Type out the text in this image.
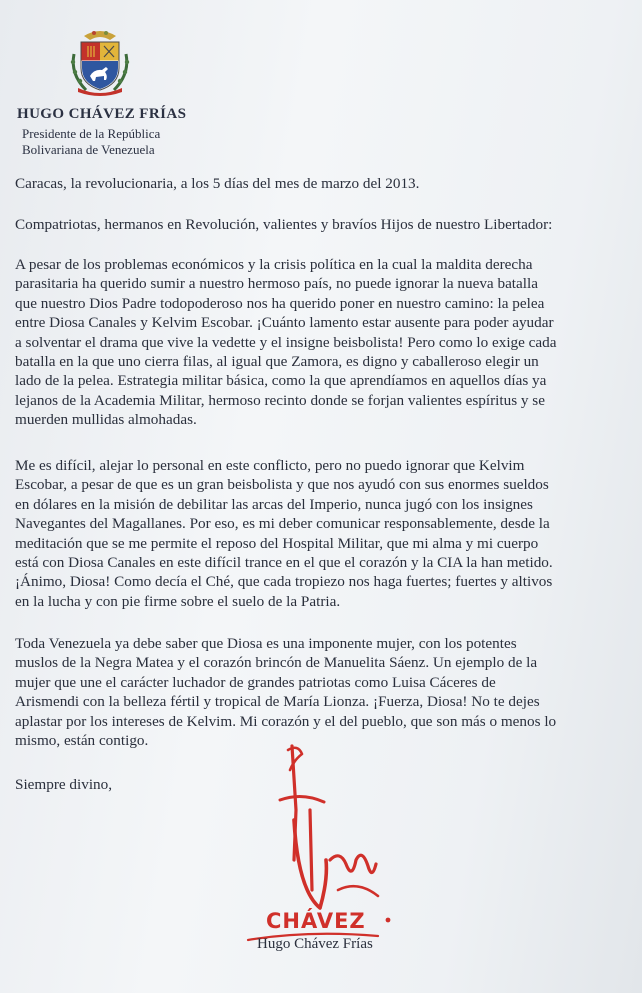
HUGO CHÁVEZ FRÍAS
Presidente de la República
Bolivariana de Venezuela
Caracas, la revolucionaria, a los 5 días del mes de marzo del 2013.
Compatriotas, hermanos en Revolución, valientes y bravíos Hijos de nuestro Libertador:
A pesar de los problemas económicos y la crisis política en la cual la maldita derecha
parasitaria ha querido sumir a nuestro hermoso país, no puede ignorar la nueva batalla
que nuestro Dios Padre todopoderoso nos ha querido poner en nuestro camino: la pelea
entre Diosa Canales y Kelvim Escobar. ¡Cuánto lamento estar ausente para poder ayudar
a solventar el drama que vive la vedette y el insigne beisbolista! Pero como lo exige cada
batalla en la que uno cierra filas, al igual que Zamora, es digno y caballeroso elegir un
lado de la pelea. Estrategia militar básica, como la que aprendíamos en aquellos días ya
lejanos de la Academia Militar, hermoso recinto donde se forjan valientes espíritus y se
muerden mullidas almohadas.
Me es difícil, alejar lo personal en este conflicto, pero no puedo ignorar que Kelvim
Escobar, a pesar de que es un gran beisbolista y que nos ayudó con sus enormes sueldos
en dólares en la misión de debilitar las arcas del Imperio, nunca jugó con los insignes
Navegantes del Magallanes. Por eso, es mi deber comunicar responsablemente, desde la
meditación que se me permite el reposo del Hospital Militar, que mi alma y mi cuerpo
está con Diosa Canales en este difícil trance en el que el corazón y la CIA la han metido.
¡Ánimo, Diosa! Como decía el Ché, que cada tropiezo nos haga fuertes; fuertes y altivos
en la lucha y con pie firme sobre el suelo de la Patria.
Toda Venezuela ya debe saber que Diosa es una imponente mujer, con los potentes
muslos de la Negra Matea y el corazón brincón de Manuelita Sáenz. Un ejemplo de la
mujer que une el carácter luchador de grandes patriotas como Luisa Cáceres de
Arismendi con la belleza fértil y tropical de María Lionza. ¡Fuerza, Diosa! No te dejes
aplastar por los intereses de Kelvim. Mi corazón y el del pueblo, que son más o menos lo
mismo, están contigo.
Siempre divino,
CHÁVEZ
Hugo Chávez Frías
